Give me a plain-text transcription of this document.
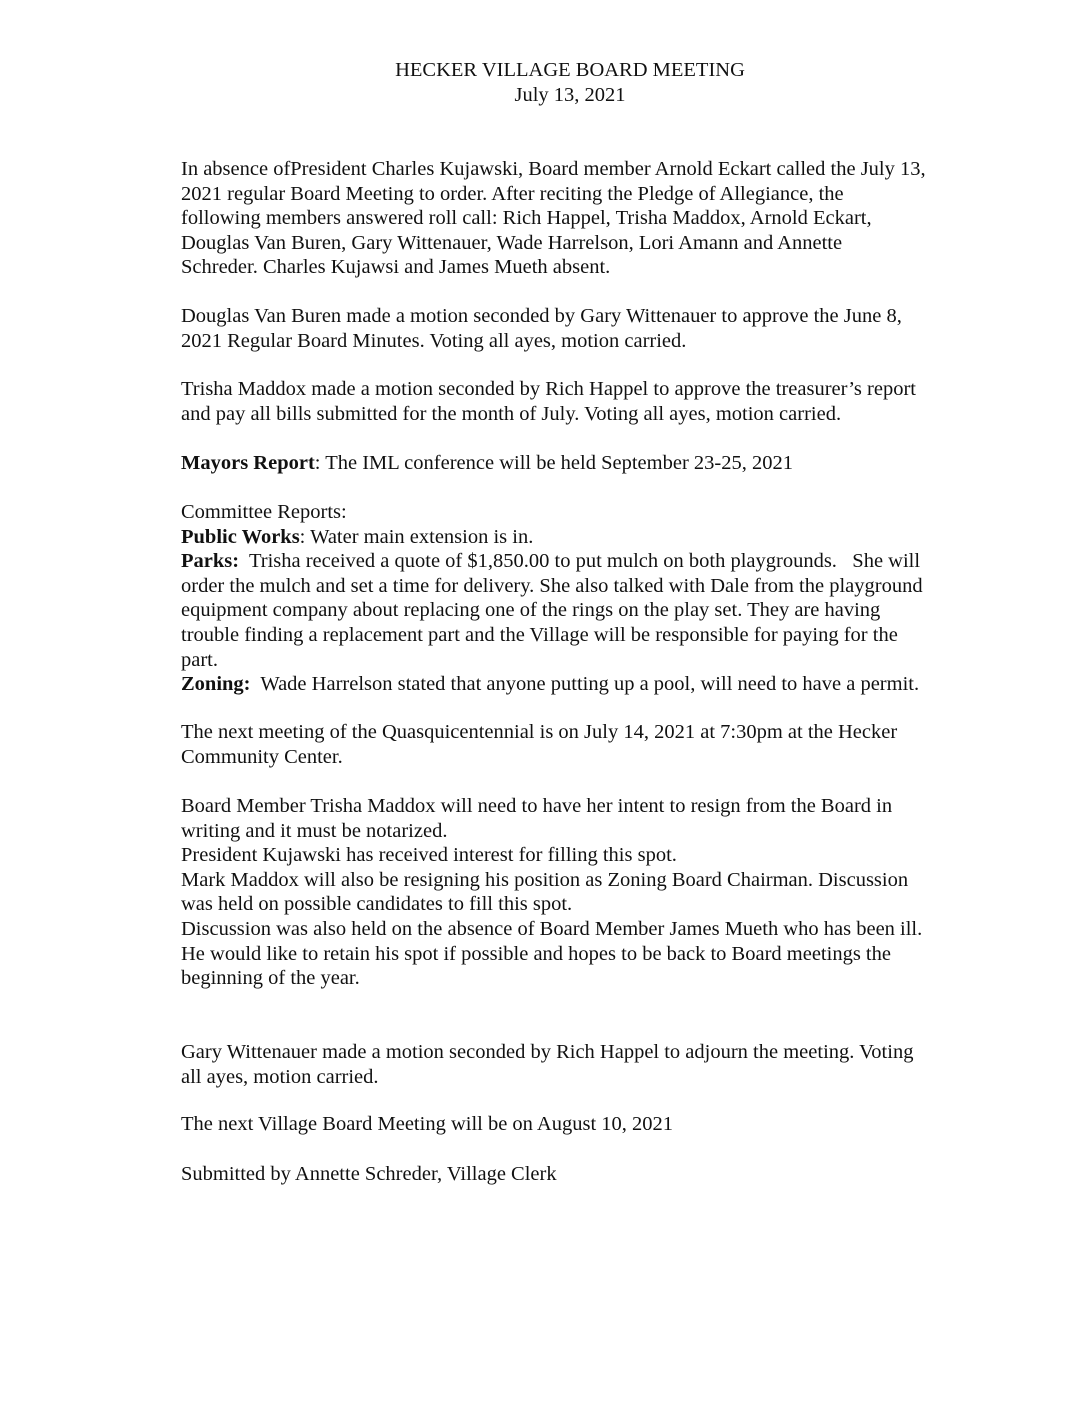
HECKER VILLAGE BOARD MEETING
July 13, 2021
In absence ofPresident Charles Kujawski, Board member Arnold Eckart called the July 13,
2021 regular Board Meeting to order. After reciting the Pledge of Allegiance, the
following members answered roll call: Rich Happel, Trisha Maddox, Arnold Eckart,
Douglas Van Buren, Gary Wittenauer, Wade Harrelson, Lori Amann and Annette
Schreder. Charles Kujawsi and James Mueth absent.
Douglas Van Buren made a motion seconded by Gary Wittenauer to approve the June 8,
2021 Regular Board Minutes. Voting all ayes, motion carried.
Trisha Maddox made a motion seconded by Rich Happel to approve the treasurer’s report
and pay all bills submitted for the month of July. Voting all ayes, motion carried.
Mayors Report: The IML conference will be held September 23-25, 2021
Committee Reports:
Public Works: Water main extension is in.
Parks:  Trisha received a quote of $1,850.00 to put mulch on both playgrounds.   She will
order the mulch and set a time for delivery. She also talked with Dale from the playground
equipment company about replacing one of the rings on the play set. They are having
trouble finding a replacement part and the Village will be responsible for paying for the
part.
Zoning:  Wade Harrelson stated that anyone putting up a pool, will need to have a permit.
The next meeting of the Quasquicentennial is on July 14, 2021 at 7:30pm at the Hecker
Community Center.
Board Member Trisha Maddox will need to have her intent to resign from the Board in
writing and it must be notarized.
President Kujawski has received interest for filling this spot.
Mark Maddox will also be resigning his position as Zoning Board Chairman. Discussion
was held on possible candidates to fill this spot.
Discussion was also held on the absence of Board Member James Mueth who has been ill.
He would like to retain his spot if possible and hopes to be back to Board meetings the
beginning of the year.
Gary Wittenauer made a motion seconded by Rich Happel to adjourn the meeting. Voting
all ayes, motion carried.
The next Village Board Meeting will be on August 10, 2021
Submitted by Annette Schreder, Village Clerk
